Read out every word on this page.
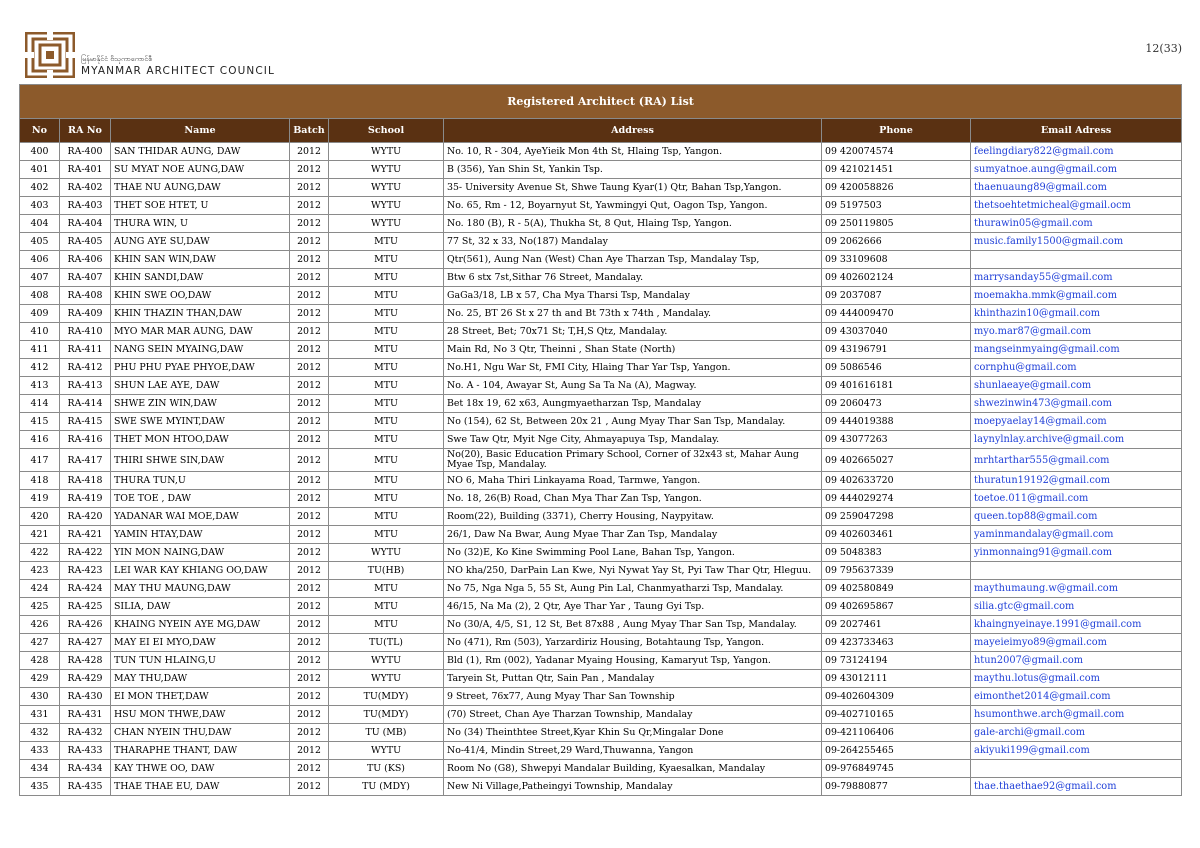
မြန်မာနိုင်ငံ ဗိသုကာကောင်စီ
MYANMAR ARCHITECT COUNCIL
12(33)
Registered Architect (RA) List							
No	RA No	Name	Batch	School	Address	Phone	Email Adress
400	RA-400	SAN THIDAR AUNG, DAW	2012	WYTU	No. 10, R - 304, AyeYieik Mon 4th St, Hlaing Tsp, Yangon.	09 420074574	feelingdiary822@gmail.com
401	RA-401	SU MYAT NOE AUNG,DAW	2012	WYTU	B (356), Yan Shin St, Yankin Tsp.	09 421021451	sumyatnoe.aung@gmail.com
402	RA-402	THAE NU AUNG,DAW	2012	WYTU	35- University Avenue St, Shwe Taung Kyar(1) Qtr, Bahan Tsp,Yangon.	09 420058826	thaenuaung89@gmail.com
403	RA-403	THET SOE HTET, U	2012	WYTU	No. 65, Rm - 12, Boyarnyut St, Yawmingyi Qut, Oagon Tsp, Yangon.	09 5197503	thetsoehtetmicheal@gmail.ocm
404	RA-404	THURA WIN, U	2012	WYTU	No. 180 (B), R - 5(A), Thukha St, 8 Qut, Hlaing Tsp, Yangon.	09 250119805	thurawin05@gmail.com
405	RA-405	AUNG AYE SU,DAW	2012	MTU	77 St, 32 x 33, No(187) Mandalay	09 2062666	music.family1500@gmail.com
406	RA-406	KHIN SAN WIN,DAW	2012	MTU	Qtr(561), Aung Nan (West) Chan Aye Tharzan Tsp, Mandalay Tsp,	09 33109608	
407	RA-407	KHIN SANDI,DAW	2012	MTU	Btw 6 stx 7st,Sithar 76 Street, Mandalay.	09 402602124	marrysanday55@gmail.com
408	RA-408	KHIN SWE OO,DAW	2012	MTU	GaGa3/18, LB x 57, Cha Mya Tharsi Tsp, Mandalay	09 2037087	moemakha.mmk@gmail.com
409	RA-409	KHIN THAZIN THAN,DAW	2012	MTU	No. 25, BT 26 St x 27 th and Bt 73th x 74th , Mandalay.	09 444009470	khinthazin10@gmail.com
410	RA-410	MYO MAR MAR AUNG, DAW	2012	MTU	28 Street, Bet; 70x71 St; T,H,S Qtz, Mandalay.	09 43037040	myo.mar87@gmail.com
411	RA-411	NANG SEIN MYAING,DAW	2012	MTU	Main Rd, No 3 Qtr, Theinni , Shan State (North)	09 43196791	mangseinmyaing@gmail.com
412	RA-412	PHU PHU PYAE PHYOE,DAW	2012	MTU	No.H1, Ngu War St, FMI City, Hlaing Thar Yar Tsp, Yangon.	09 5086546	cornphu@gmail.com
413	RA-413	SHUN LAE AYE, DAW	2012	MTU	No. A - 104, Awayar St, Aung Sa Ta Na (A), Magway.	09 401616181	shunlaeaye@gmail.com
414	RA-414	SHWE ZIN WIN,DAW	2012	MTU	Bet 18x 19, 62 x63, Aungmyaetharzan Tsp, Mandalay	09 2060473	shwezinwin473@gmail.com
415	RA-415	SWE SWE MYINT,DAW	2012	MTU	No (154), 62 St, Between 20x 21 , Aung Myay Thar San Tsp, Mandalay.	09 444019388	moepyaelay14@gmail.com
416	RA-416	THET MON HTOO,DAW	2012	MTU	Swe Taw Qtr, Myit Nge City, Ahmayapuya Tsp, Mandalay.	09 43077263	laynylnlay.archive@gmail.com
417	RA-417	THIRI SHWE SIN,DAW	2012	MTU	No(20), Basic Education Primary School, Corner of 32x43 st, Mahar Aung Myae Tsp, Mandalay.	09 402665027	mrhtarthar555@gmail.com
418	RA-418	THURA TUN,U	2012	MTU	NO 6, Maha Thiri Linkayama Road, Tarmwe, Yangon.	09 402633720	thuratun19192@gmail.com
419	RA-419	TOE TOE , DAW	2012	MTU	No. 18, 26(B) Road, Chan Mya Thar Zan Tsp, Yangon.	09 444029274	toetoe.011@gmail.com
420	RA-420	YADANAR WAI MOE,DAW	2012	MTU	Room(22), Building (3371), Cherry Housing, Naypyitaw.	09 259047298	queen.top88@gmail.com
421	RA-421	YAMIN HTAY,DAW	2012	MTU	26/1, Daw Na Bwar, Aung Myae Thar Zan Tsp, Mandalay	09 402603461	yaminmandalay@gmail.com
422	RA-422	YIN MON NAING,DAW	2012	WYTU	No (32)E, Ko Kine Swimming Pool Lane, Bahan Tsp, Yangon.	09 5048383	yinmonnaing91@gmail.com
423	RA-423	LEI WAR KAY KHIANG OO,DAW	2012	TU(HB)	NO kha/250, DarPain Lan Kwe, Nyi Nywat Yay St, Pyi Taw Thar Qtr, Hleguu.	09 795637339	
424	RA-424	MAY THU MAUNG,DAW	2012	MTU	No 75, Nga Nga 5, 55 St, Aung Pin Lal, Chanmyatharzi Tsp, Mandalay.	09 402580849	maythumaung.w@gmail.com
425	RA-425	SILIA, DAW	2012	MTU	46/15, Na Ma (2), 2 Qtr, Aye Thar Yar , Taung Gyi Tsp.	09 402695867	silia.gtc@gmail.com
426	RA-426	KHAING NYEIN AYE MG,DAW	2012	MTU	No (30/A, 4/5, S1, 12 St, Bet 87x88 , Aung Myay Thar San Tsp, Mandalay.	09 2027461	khaingnyeinaye.1991@gmail.com
427	RA-427	MAY EI EI MYO,DAW	2012	TU(TL)	No (471), Rm (503), Yarzardiriz Housing, Botahtaung Tsp, Yangon.	09 423733463	mayeieimyo89@gmail.com
428	RA-428	TUN TUN HLAING,U	2012	WYTU	Bld (1), Rm (002), Yadanar Myaing Housing, Kamaryut Tsp, Yangon.	09 73124194	htun2007@gmail.com
429	RA-429	MAY THU,DAW	2012	WYTU	Taryein St, Puttan Qtr, Sain Pan , Mandalay	09 43012111	maythu.lotus@gmail.com
430	RA-430	EI MON THET,DAW	2012	TU(MDY)	9 Street, 76x77, Aung Myay Thar San Township	09-402604309	eimonthet2014@gmail.com
431	RA-431	HSU MON THWE,DAW	2012	TU(MDY)	(70) Street, Chan Aye Tharzan Township, Mandalay	09-402710165	hsumonthwe.arch@gmail.com
432	RA-432	CHAN NYEIN THU,DAW	2012	TU (MB)	No (34) Theinthtee Street,Kyar Khin Su Qr,Mingalar Done	09-421106406	gale-archi@gmail.com
433	RA-433	THARAPHE THANT, DAW	2012	WYTU	No-41/4, Mindin Street,29 Ward,Thuwanna, Yangon	09-264255465	akiyuki199@gmail.com
434	RA-434	KAY THWE OO, DAW	2012	TU (KS)	Room No (G8), Shwepyi Mandalar Building, Kyaesalkan, Mandalay	09-976849745	
435	RA-435	THAE THAE EU, DAW	2012	TU (MDY)	New Ni Village,Patheingyi Township, Mandalay	09-79880877	thae.thaethae92@gmail.com
